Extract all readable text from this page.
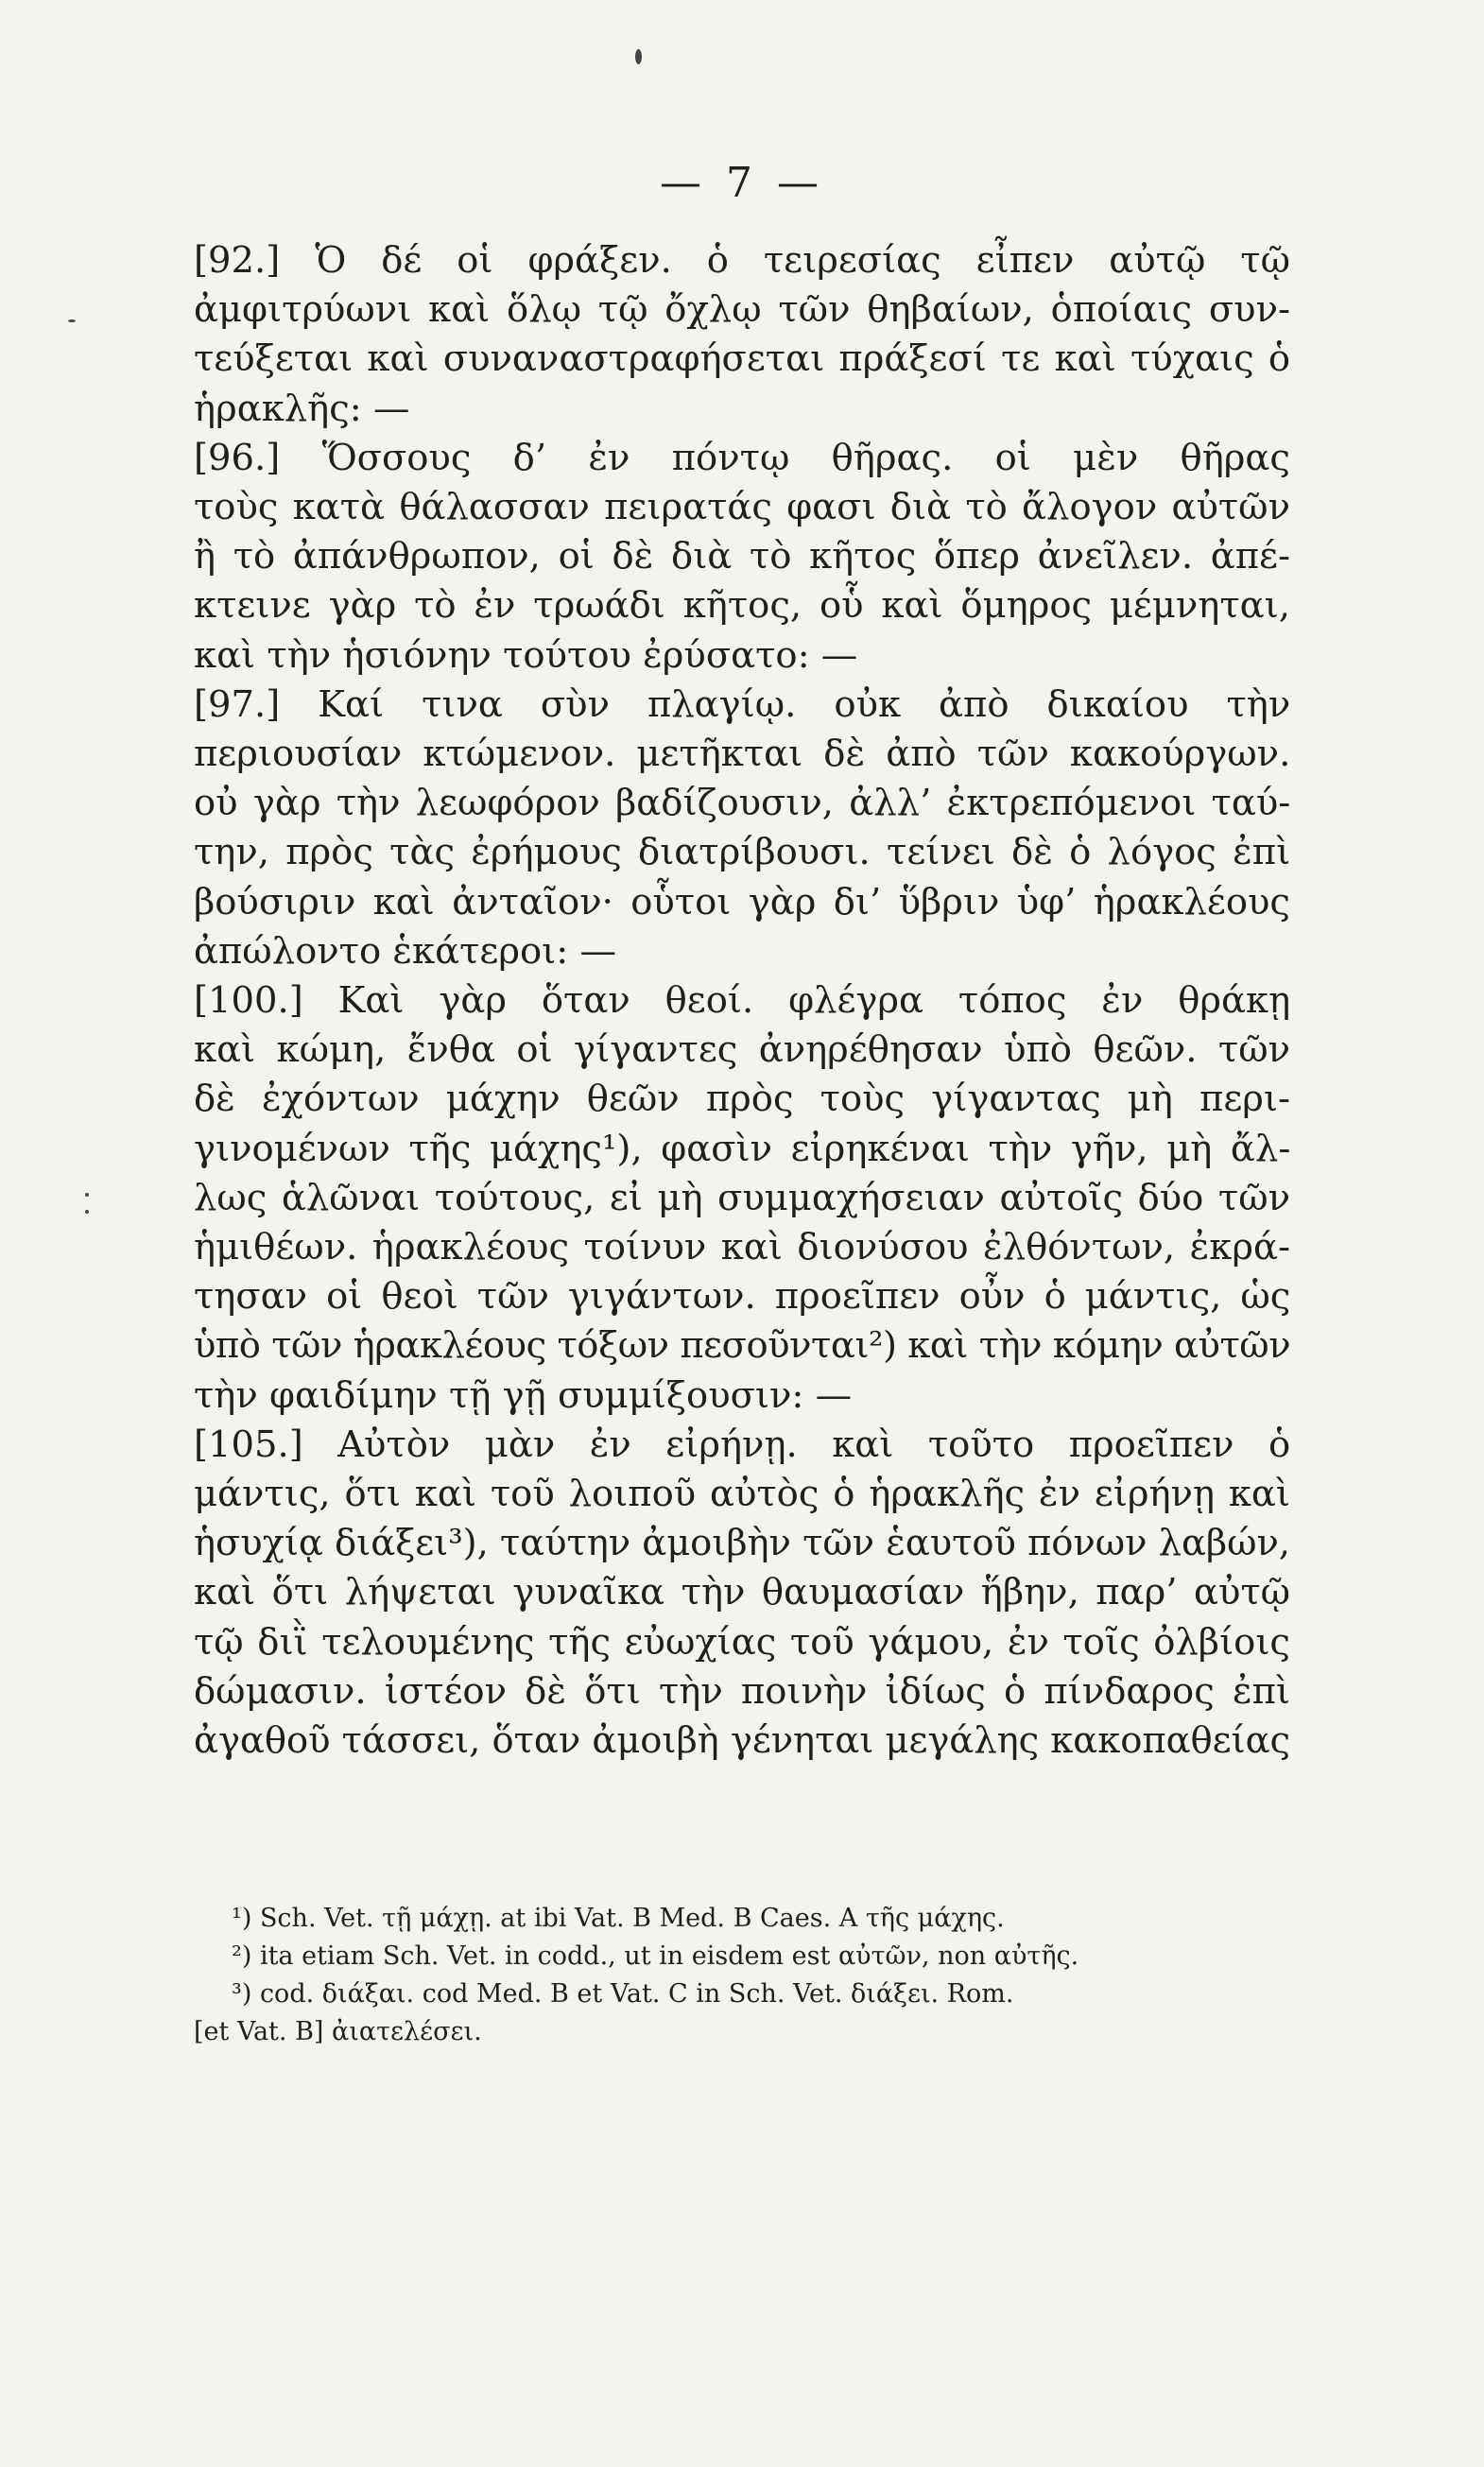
— 7 —
[92.] Ὁ δέ οἱ φράξεν. ὁ τειρεσίας εἶπεν αὐτῷ τῷ
ἀμφιτρύωνι καὶ ὅλῳ τῷ ὄχλῳ τῶν θηβαίων, ὁποίαις συν-
τεύξεται καὶ συναναστραφήσεται πράξεσί τε καὶ τύχαις ὁ
ἡρακλῆς: —
[96.] Ὅσσους δ’ ἐν πόντῳ θῆρας. οἱ μὲν θῆρας
τοὺς κατὰ θάλασσαν πειρατάς φασι διὰ τὸ ἄλογον αὐτῶν
ἢ τὸ ἀπάνθρωπον, οἱ δὲ διὰ τὸ κῆτος ὅπερ ἀνεῖλεν. ἀπέ-
κτεινε γὰρ τὸ ἐν τρωάδι κῆτος, οὗ καὶ ὅμηρος μέμνηται,
καὶ τὴν ἡσιόνην τούτου ἐρύσατο: —
[97.] Καί τινα σὺν πλαγίῳ. οὐκ ἀπὸ δικαίου τὴν
περιουσίαν κτώμενον. μετῆκται δὲ ἀπὸ τῶν κακούργων.
οὐ γὰρ τὴν λεωφόρον βαδίζουσιν, ἀλλ’ ἐκτρεπόμενοι ταύ-
την, πρὸς τὰς ἐρήμους διατρίβουσι. τείνει δὲ ὁ λόγος ἐπὶ
βούσιριν καὶ ἀνταῖον· οὗτοι γὰρ δι’ ὕβριν ὑφ’ ἡρακλέους
ἀπώλοντο ἑκάτεροι: —
[100.] Καὶ γὰρ ὅταν θεοί. φλέγρα τόπος ἐν θράκῃ
καὶ κώμη, ἔνθα οἱ γίγαντες ἀνηρέθησαν ὑπὸ θεῶν. τῶν
δὲ ἐχόντων μάχην θεῶν πρὸς τοὺς γίγαντας μὴ περι-
γινομένων τῆς μάχης¹), φασὶν εἰρηκέναι τὴν γῆν, μὴ ἄλ-
λως ἁλῶναι τούτους, εἰ μὴ συμμαχήσειαν αὐτοῖς δύο τῶν
ἡμιθέων. ἡρακλέους τοίνυν καὶ διονύσου ἐλθόντων, ἐκρά-
τησαν οἱ θεοὶ τῶν γιγάντων. προεῖπεν οὖν ὁ μάντις, ὡς
ὑπὸ τῶν ἡρακλέους τόξων πεσοῦνται²) καὶ τὴν κόμην αὐτῶν
τὴν φαιδίμην τῇ γῇ συμμίξουσιν: —
[105.] Αὐτὸν μὰν ἐν εἰρήνῃ. καὶ τοῦτο προεῖπεν ὁ
μάντις, ὅτι καὶ τοῦ λοιποῦ αὐτὸς ὁ ἡρακλῆς ἐν εἰρήνῃ καὶ
ἡσυχίᾳ διάξει³), ταύτην ἀμοιβὴν τῶν ἑαυτοῦ πόνων λαβών,
καὶ ὅτι λήψεται γυναῖκα τὴν θαυμασίαν ἥβην, παρ’ αὐτῷ
τῷ διῒ τελουμένης τῆς εὐωχίας τοῦ γάμου, ἐν τοῖς ὀλβίοις
δώμασιν. ἰστέον δὲ ὅτι τὴν ποινὴν ἰδίως ὁ πίνδαρος ἐπὶ
ἀγαθοῦ τάσσει, ὅταν ἀμοιβὴ γένηται μεγάλης κακοπαθείας
¹) Sch. Vet. τῇ μάχῃ. at ibi Vat. B Med. B Caes. A τῆς μάχης.
²) ita etiam Sch. Vet. in codd., ut in eisdem est αὐτῶν, non αὐτῆς.
³) cod. διάξαι. cod Med. B et Vat. C in Sch. Vet. διάξει. Rom.
[et Vat. B] ἀιατελέσει.
